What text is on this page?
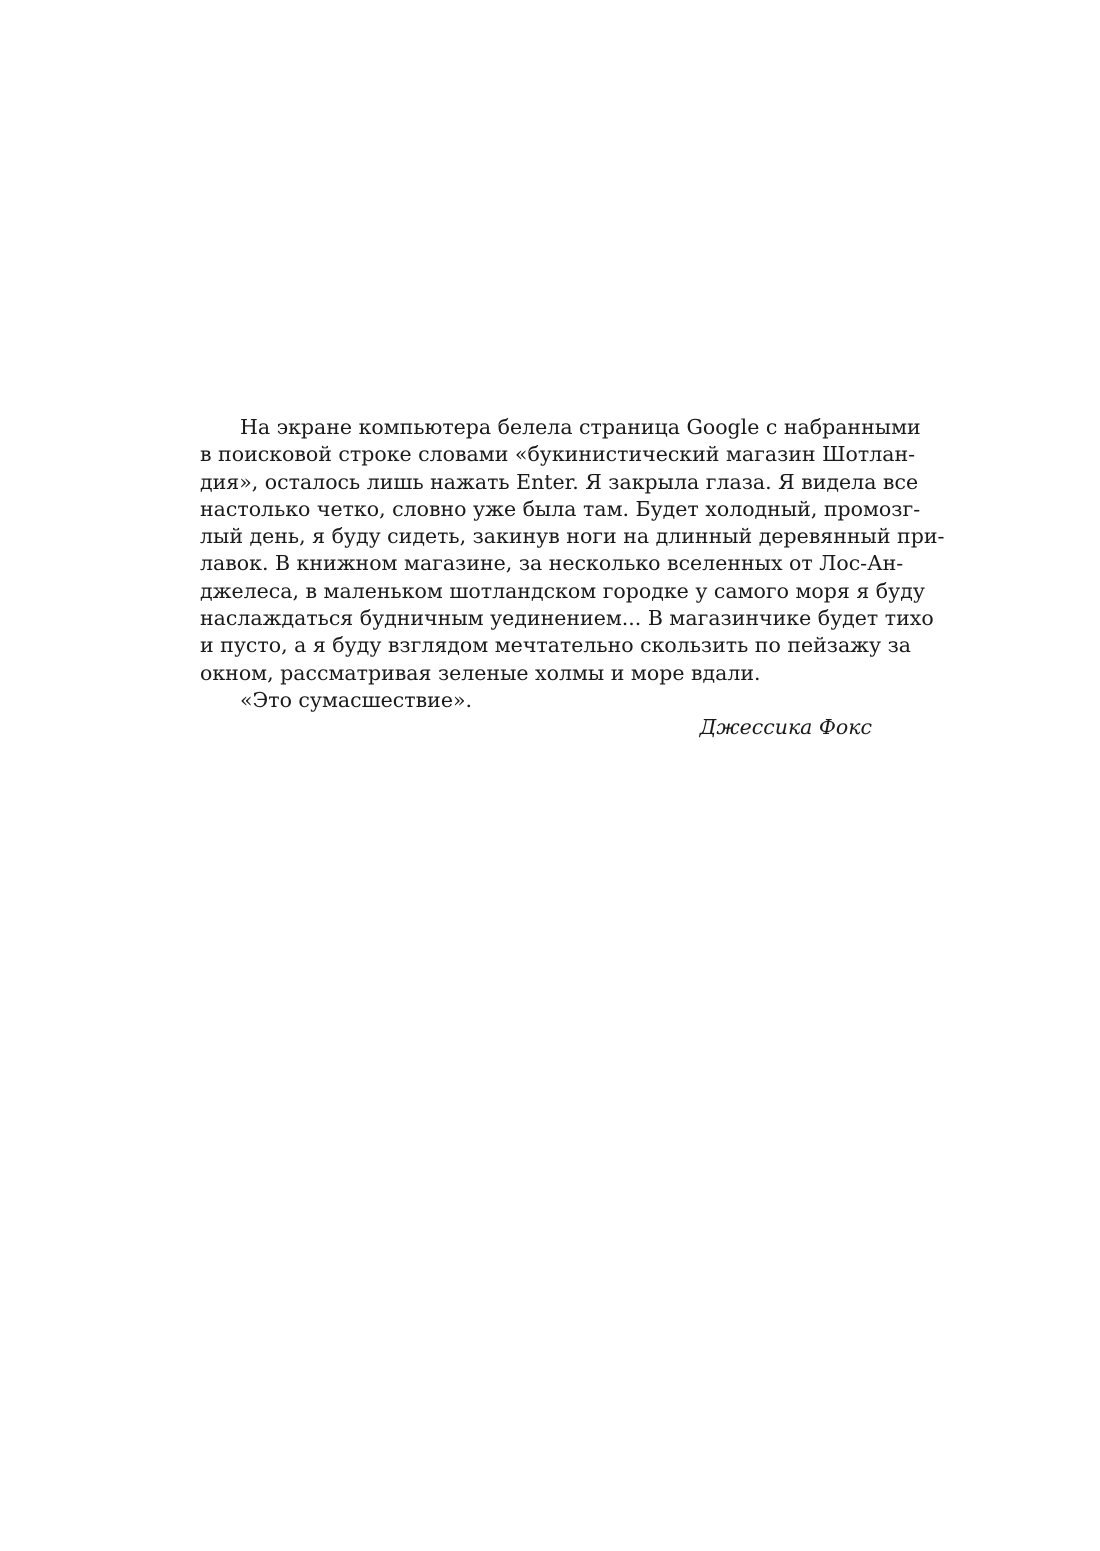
На экране компьютера белела страница Google с набранными
в поисковой строке словами «букинистический магазин Шотлан-
дия», осталось лишь нажать Enter. Я закрыла глаза. Я видела все
настолько четко, словно уже была там. Будет холодный, промозг-
лый день, я буду сидеть, закинув ноги на длинный деревянный при-
лавок. В книжном магазине, за несколько вселенных от Лос-Ан-
джелеса, в маленьком шотландском городке у самого моря я буду
наслаждаться будничным уединением... В магазинчике будет тихо
и пусто, а я буду взглядом мечтательно скользить по пейзажу за
окном, рассматривая зеленые холмы и море вдали.
«Это сумасшествие».
Джессика Фокс
